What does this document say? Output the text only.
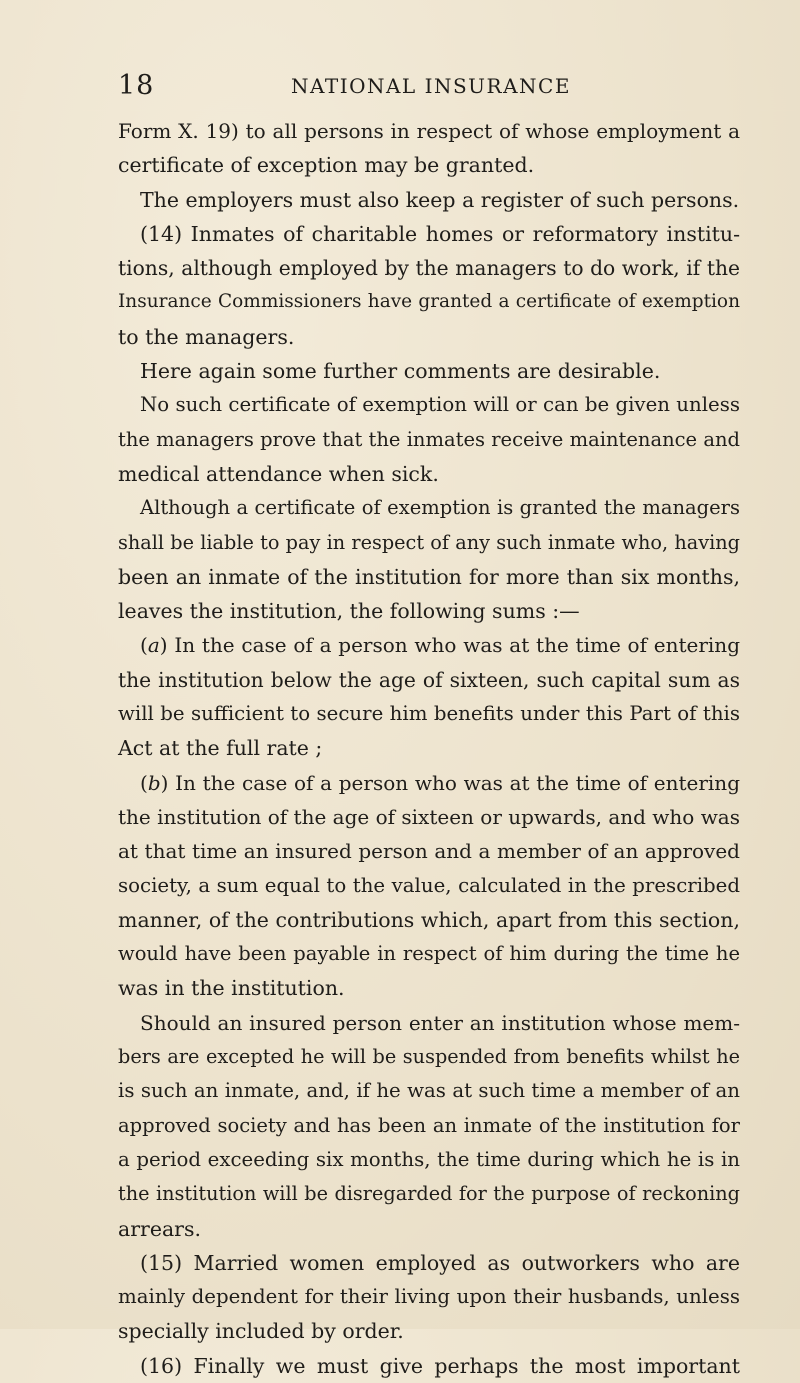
18	NATIONAL INSURANCE
Form X. 19) to all persons in respect of whose employment a
certificate of exception may be granted.
The employers must also keep a register of such persons.
(14) Inmates of charitable homes or reformatory institu-
tions, although employed by the managers to do work, if the
Insurance Commissioners have granted a certificate of exemption
to the managers.
Here again some further comments are desirable.
No such certificate of exemption will or can be given unless
the managers prove that the inmates receive maintenance and
medical attendance when sick.
Although a certificate of exemption is granted the managers
shall be liable to pay in respect of any such inmate who, having
been an inmate of the institution for more than six months,
leaves the institution, the following sums :—
(a) In the case of a person who was at the time of entering
the institution below the age of sixteen, such capital sum as
will be sufficient to secure him benefits under this Part of this
Act at the full rate ;
(b) In the case of a person who was at the time of entering
the institution of the age of sixteen or upwards, and who was
at that time an insured person and a member of an approved
society, a sum equal to the value, calculated in the prescribed
manner, of the contributions which, apart from this section,
would have been payable in respect of him during the time he
was in the institution.
Should an insured person enter an institution whose mem-
bers are excepted he will be suspended from benefits whilst he
is such an inmate, and, if he was at such time a member of an
approved society and has been an inmate of the institution for
a period exceeding six months, the time during which he is in
the institution will be disregarded for the purpose of reckoning
arrears.
(15) Married women employed as outworkers who are
mainly dependent for their living upon their husbands, unless
specially included by order.
(16) Finally we must give perhaps the most important
